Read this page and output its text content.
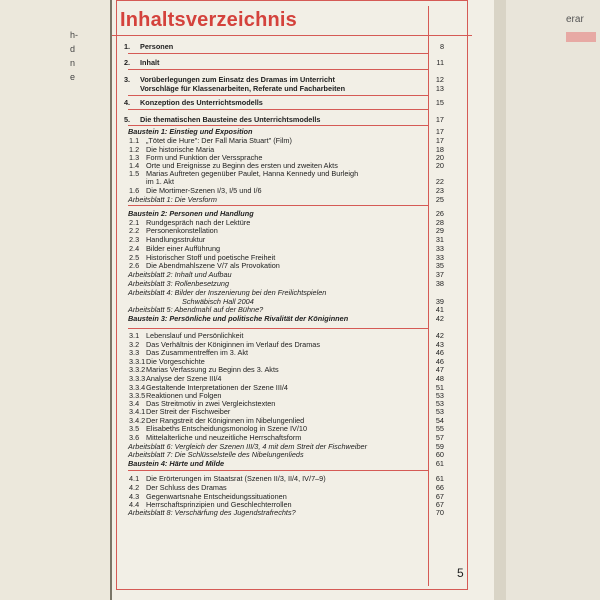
h-
d
n
e
erar
Inhaltsverzeichnis
1. Personen	8
2. Inhalt	11
3. Vorüberlegungen zum Einsatz des Dramas im Unterricht	12
Vorschläge für Klassenarbeiten, Referate und Facharbeiten	13
4. Konzeption des Unterrichtsmodells	15
5. Die thematischen Bausteine des Unterrichtsmodells	17
Baustein 1: Einstieg und Exposition	17
1.1 „Tötet die Hure": Der Fall Maria Stuart" (Film)	17
1.2 Die historische Maria	18
1.3 Form und Funktion der Verssprache	20
1.4 Orte und Ereignisse zu Beginn des ersten und zweiten Akts	20
1.5 Marias Auftreten gegenüber Paulet, Hanna Kennedy und Burleigh
im 1. Akt	22
1.6 Die Mortimer-Szenen I/3, I/5 und I/6	23
Arbeitsblatt 1: Die Versform	25
Baustein 2: Personen und Handlung	26
2.1 Rundgespräch nach der Lektüre	28
2.2 Personenkonstellation	29
2.3 Handlungsstruktur	31
2.4 Bilder einer Aufführung	33
2.5 Historischer Stoff und poetische Freiheit	33
2.6 Die Abendmahlszene V/7 als Provokation	35
Arbeitsblatt 2: Inhalt und Aufbau	37
Arbeitsblatt 3: Rollenbesetzung	38
Arbeitsblatt 4: Bilder der Inszenierung bei den Freilichtspielen
Schwäbisch Hall 2004	39
Arbeitsblatt 5: Abendmahl auf der Bühne?	41
Baustein 3: Persönliche und politische Rivalität der Königinnen	42
3.1 Lebenslauf und Persönlichkeit	42
3.2 Das Verhältnis der Königinnen im Verlauf des Dramas	43
3.3 Das Zusammentreffen im 3. Akt	46
3.3.1 Die Vorgeschichte	46
3.3.2 Marias Verfassung zu Beginn des 3. Akts	47
3.3.3 Analyse der Szene III/4	48
3.3.4 Gestaltende Interpretationen der Szene III/4	51
3.3.5 Reaktionen und Folgen	53
3.4 Das Streitmotiv in zwei Vergleichstexten	53
3.4.1 Der Streit der Fischweiber	53
3.4.2 Der Rangstreit der Königinnen im Nibelungenlied	54
3.5 Elisabeths Entscheidungsmonolog in Szene IV/10	55
3.6 Mittelalterliche und neuzeitliche Herrschaftsform	57
Arbeitsblatt 6: Vergleich der Szenen III/3, 4 mit dem Streit der Fischweiber	59
Arbeitsblatt 7: Die Schlüsselstelle des Nibelungenlieds	60
Baustein 4: Härte und Milde	61
4.1 Die Erörterungen im Staatsrat (Szenen II/3, II/4, IV/7–9)	61
4.2 Der Schluss des Dramas	66
4.3 Gegenwartsnahe Entscheidungssituationen	67
4.4 Herrschaftsprinzipien und Geschlechterrollen	67
Arbeitsblatt 8: Verschärfung des Jugendstrafrechts?	70
5
